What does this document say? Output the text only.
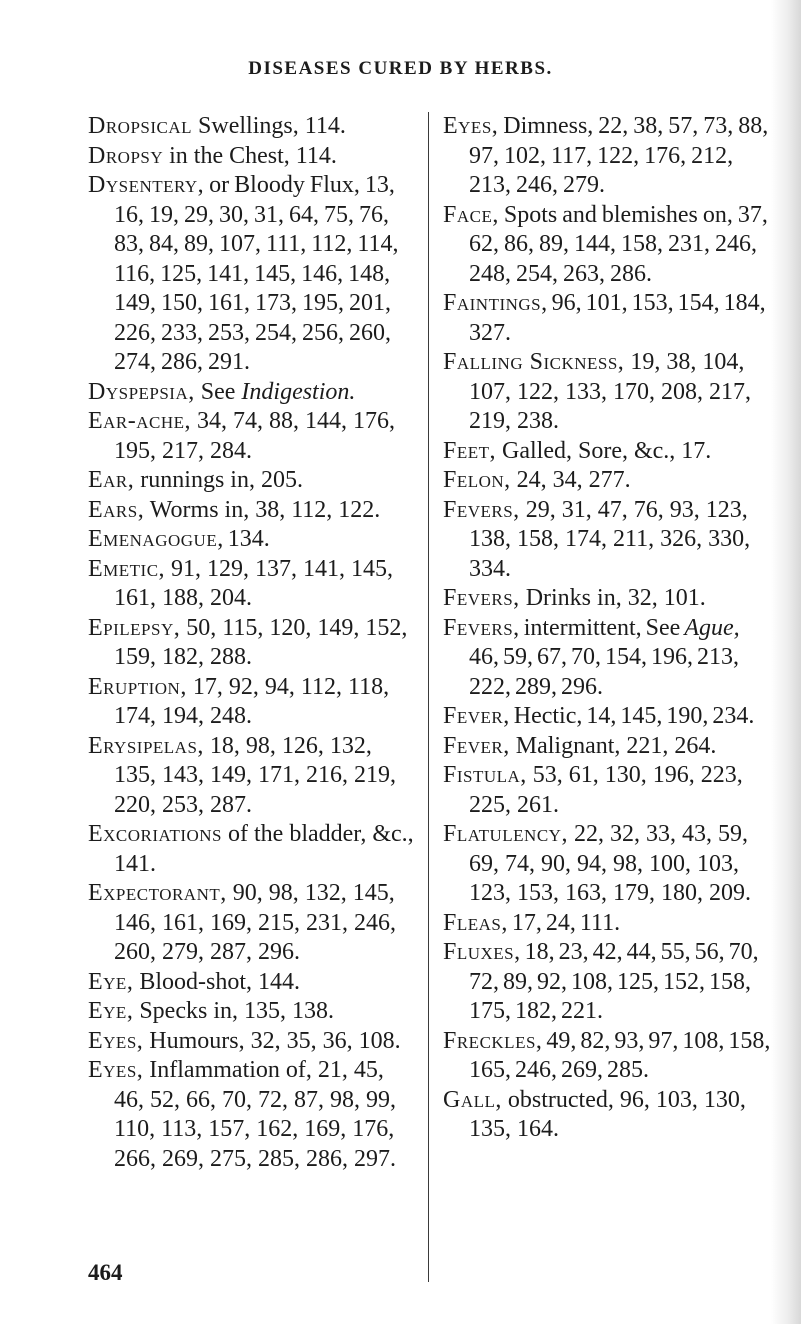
DISEASES CURED BY HERBS.
Dropsical Swellings, 114.
Dropsy in the Chest, 114.
Dysentery, or Bloody Flux, 13, 16, 19, 29, 30, 31, 64, 75, 76, 83, 84, 89, 107, 111, 112, 114, 116, 125, 141, 145, 146, 148, 149, 150, 161, 173, 195, 201, 226, 233, 253, 254, 256, 260, 274, 286, 291.
Dyspepsia, See Indigestion.
Ear-ache, 34, 74, 88, 144, 176, 195, 217, 284.
Ear, runnings in, 205.
Ears, Worms in, 38, 112, 122.
Emenagogue, 134.
Emetic, 91, 129, 137, 141, 145, 161, 188, 204.
Epilepsy, 50, 115, 120, 149, 152, 159, 182, 288.
Eruption, 17, 92, 94, 112, 118, 174, 194, 248.
Erysipelas, 18, 98, 126, 132, 135, 143, 149, 171, 216, 219, 220, 253, 287.
Excoriations of the bladder, &c., 141.
Expectorant, 90, 98, 132, 145, 146, 161, 169, 215, 231, 246, 260, 279, 287, 296.
Eye, Blood-shot, 144.
Eye, Specks in, 135, 138.
Eyes, Humours, 32, 35, 36, 108.
Eyes, Inflammation of, 21, 45, 46, 52, 66, 70, 72, 87, 98, 99, 110, 113, 157, 162, 169, 176, 266, 269, 275, 285, 286, 297.
Eyes, Dimness, 22, 38, 57, 73, 88, 97, 102, 117, 122, 176, 212, 213, 246, 279.
Face, Spots and blemishes on, 37, 62, 86, 89, 144, 158, 231, 246, 248, 254, 263, 286.
Faintings, 96, 101, 153, 154, 184, 327.
Falling Sickness, 19, 38, 104, 107, 122, 133, 170, 208, 217, 219, 238.
Feet, Galled, Sore, &c., 17.
Felon, 24, 34, 277.
Fevers, 29, 31, 47, 76, 93, 123, 138, 158, 174, 211, 326, 330, 334.
Fevers, Drinks in, 32, 101.
Fevers, intermittent, See Ague, 46, 59, 67, 70, 154, 196, 213, 222, 289, 296.
Fever, Hectic, 14, 145, 190, 234.
Fever, Malignant, 221, 264.
Fistula, 53, 61, 130, 196, 223, 225, 261.
Flatulency, 22, 32, 33, 43, 59, 69, 74, 90, 94, 98, 100, 103, 123, 153, 163, 179, 180, 209.
Fleas, 17, 24, 111.
Fluxes, 18, 23, 42, 44, 55, 56, 70, 72, 89, 92, 108, 125, 152, 158, 175, 182, 221.
Freckles, 49, 82, 93, 97, 108, 158, 165, 246, 269, 285.
Gall, obstructed, 96, 103, 130, 135, 164.
464
